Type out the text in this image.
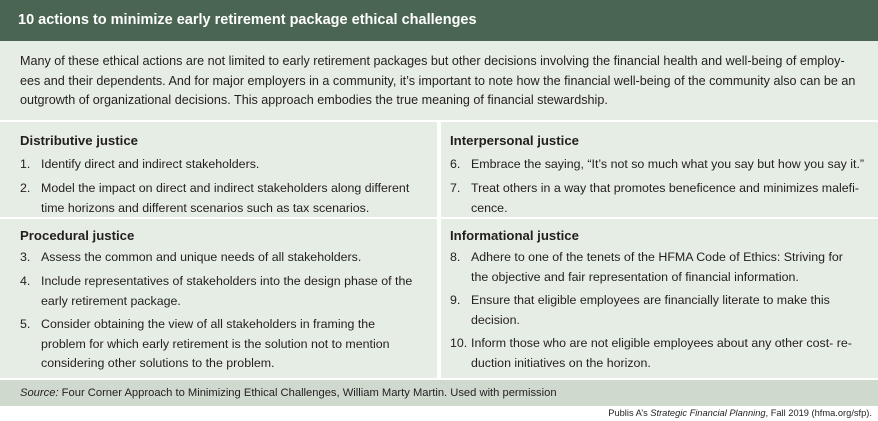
10 actions to minimize early retirement package ethical challenges

Many of these ethical actions are not limited to early retirement packages but other decisions involving the financial health and well-being of employ-

ees and their dependents. And for major employers in a community, it’s important to note how the financial well-being of the community also can be an

outgrowth of organizational decisions. This approach embodies the true meaning of financial stewardship.

Distributive justice
1. Identify direct and indirect stakeholders.
2. Model the impact on direct and indirect stakeholders along different
time horizons and different scenarios such as tax scenarios.
Interpersonal justice
6. Embrace the saying, “It’s not so much what you say but how you say it.”
7. Treat others in a way that promotes beneficence and minimizes malefi-
cence.
Procedural justice
3. Assess the common and unique needs of all stakeholders.
4. Include representatives of stakeholders into the design phase of the
early retirement package.
5. Consider obtaining the view of all stakeholders in framing the
problem for which early retirement is the solution not to mention
considering other solutions to the problem.
Informational justice
8. Adhere to one of the tenets of the HFMA Code of Ethics: Striving for
the objective and fair representation of financial information.
9. Ensure that eligible employees are financially literate to make this
decision.
10. Inform those who are not eligible employees about any other cost- re-
duction initiatives on the horizon.
Source: Four Corner Approach to Minimizing Ethical Challenges, William Marty Martin. Used with permission
Publis A’s Strategic Financial Planning, Fall 2019 (hfma.org/sfp).
